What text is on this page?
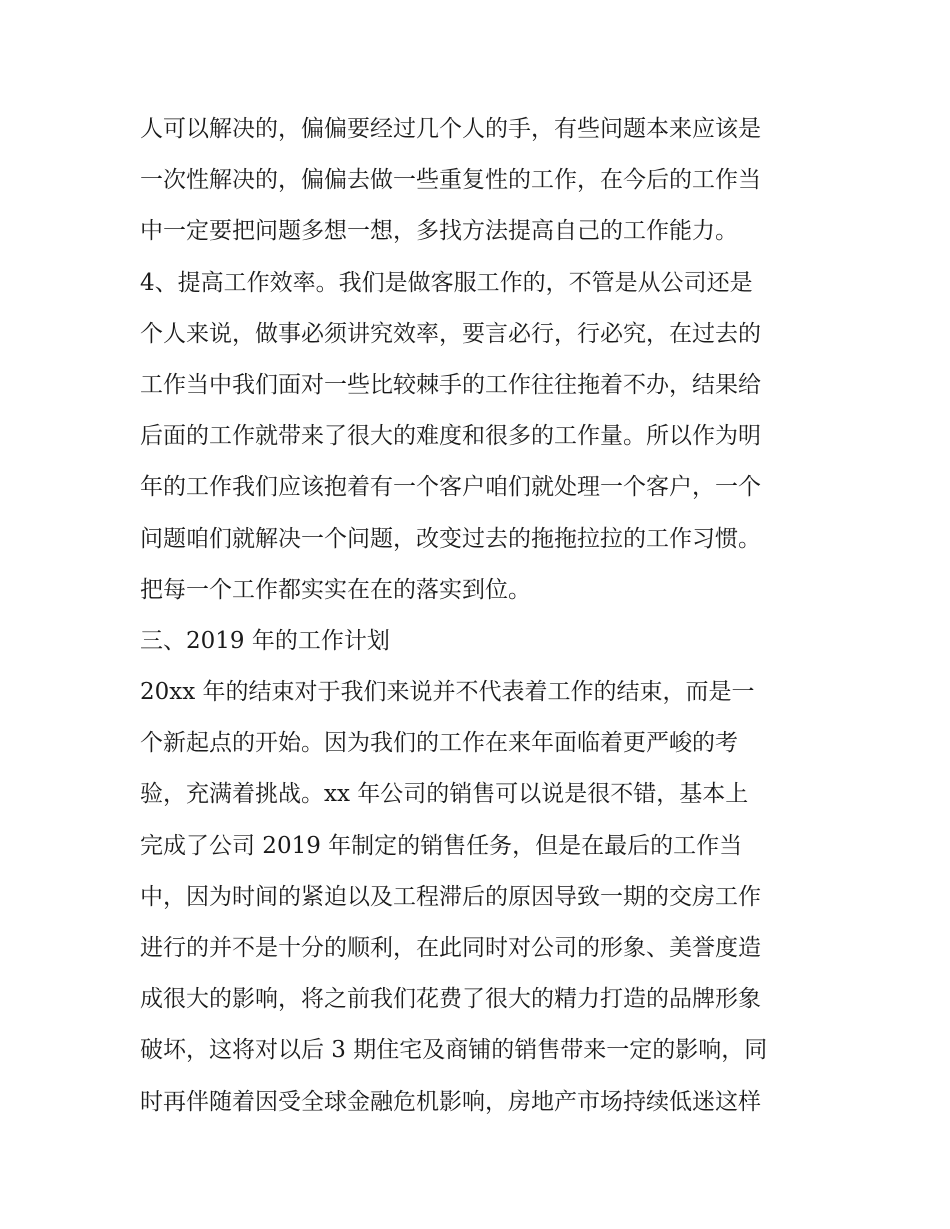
人可以解决的，偏偏要经过几个人的手，有些问题本来应该是
一次性解决的，偏偏去做一些重复性的工作，在今后的工作当
中一定要把问题多想一想，多找方法提高自己的工作能力。
4、提高工作效率。我们是做客服工作的，不管是从公司还是
个人来说，做事必须讲究效率，要言必行，行必究，在过去的
工作当中我们面对一些比较棘手的工作往往拖着不办，结果给
后面的工作就带来了很大的难度和很多的工作量。所以作为明
年的工作我们应该抱着有一个客户咱们就处理一个客户，一个
问题咱们就解决一个问题，改变过去的拖拖拉拉的工作习惯。
把每一个工作都实实在在的落实到位。
三、2019 年的工作计划
20xx 年的结束对于我们来说并不代表着工作的结束，而是一
个新起点的开始。因为我们的工作在来年面临着更严峻的考
验，充满着挑战。xx 年公司的销售可以说是很不错，基本上
完成了公司 2019 年制定的销售任务，但是在最后的工作当
中，因为时间的紧迫以及工程滞后的原因导致一期的交房工作
进行的并不是十分的顺利，在此同时对公司的形象、美誉度造
成很大的影响，将之前我们花费了很大的精力打造的品牌形象
破坏，这将对以后 3 期住宅及商铺的销售带来一定的影响，同
时再伴随着因受全球金融危机影响，房地产市场持续低迷这样
